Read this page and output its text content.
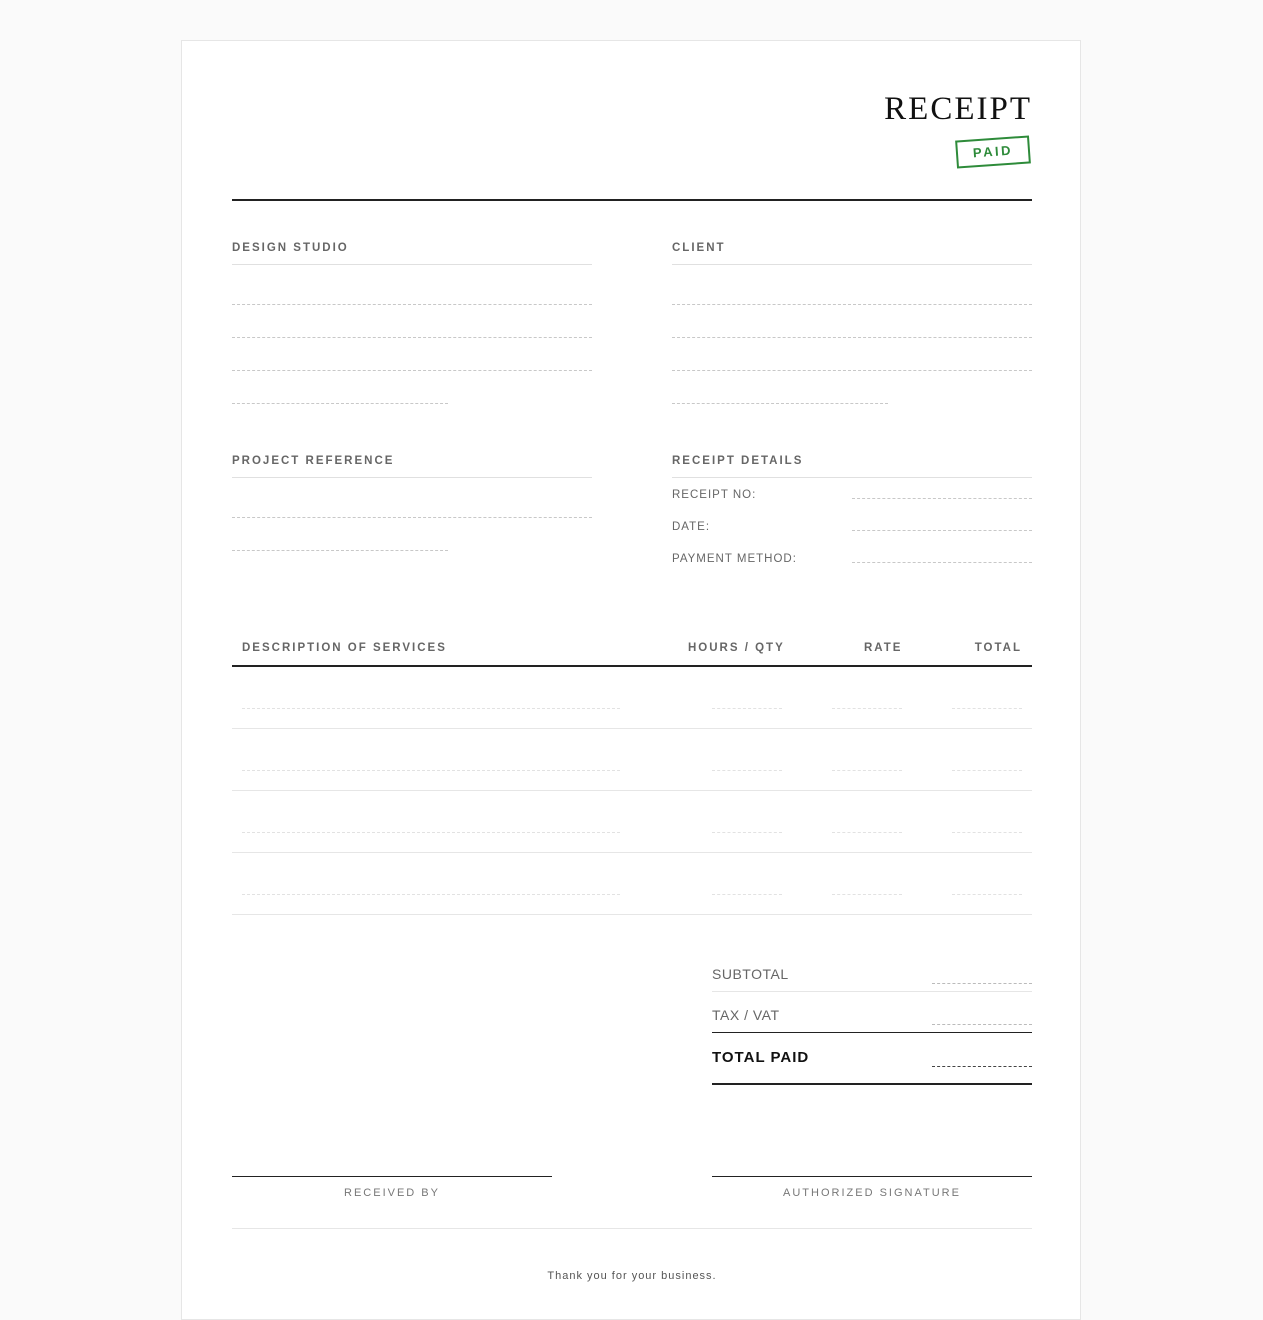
RECEIPT
PAID
DESIGN STUDIO	CLIENT
PROJECT REFERENCE	RECEIPT DETAILS
RECEIPT NO:
DATE:
PAYMENT METHOD:
DESCRIPTION OF SERVICES	HOURS / QTY	RATE	TOTAL
SUBTOTAL
TAX / VAT
TOTAL PAID
RECEIVED BY	AUTHORIZED SIGNATURE
Thank you for your business.
